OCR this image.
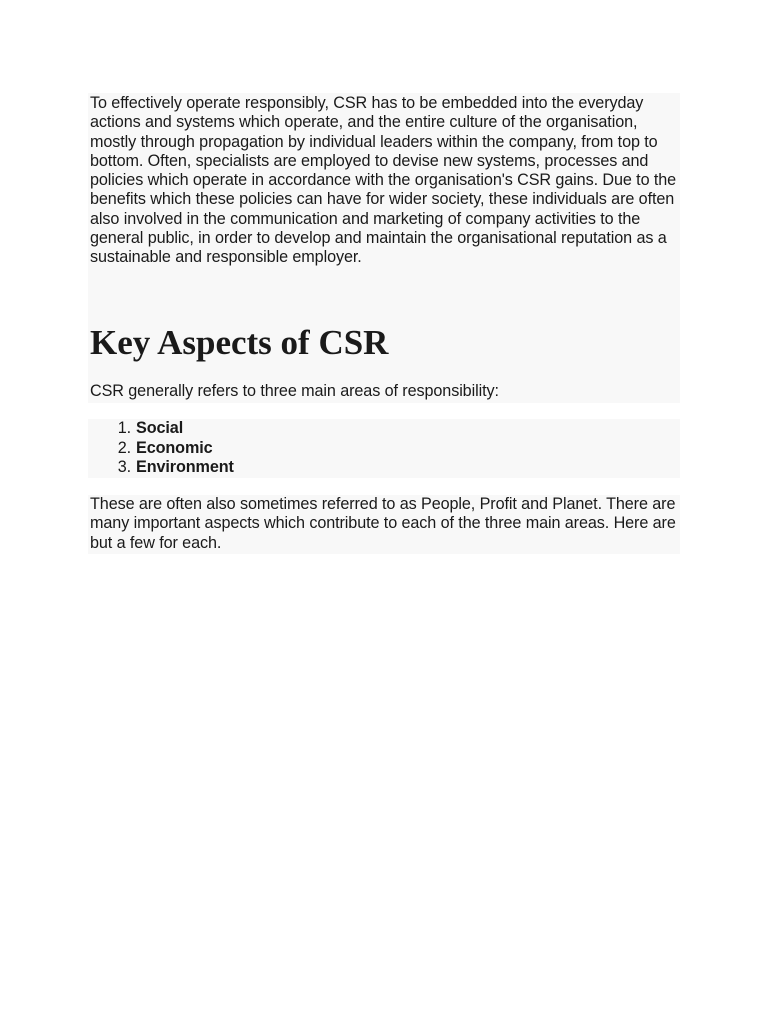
To effectively operate responsibly, CSR has to be embedded into the everyday actions and systems which operate, and the entire culture of the organisation, mostly through propagation by individual leaders within the company, from top to bottom. Often, specialists are employed to devise new systems, processes and policies which operate in accordance with the organisation's CSR gains. Due to the benefits which these policies can have for wider society, these individuals are often also involved in the communication and marketing of company activities to the general public, in order to develop and maintain the organisational reputation as a sustainable and responsible employer.

Key Aspects of CSR
CSR generally refers to three main areas of responsibility:
1. Social
2. Economic
3. Environment

These are often also sometimes referred to as People, Profit and Planet. There are many important aspects which contribute to each of the three main areas. Here are but a few for each.
